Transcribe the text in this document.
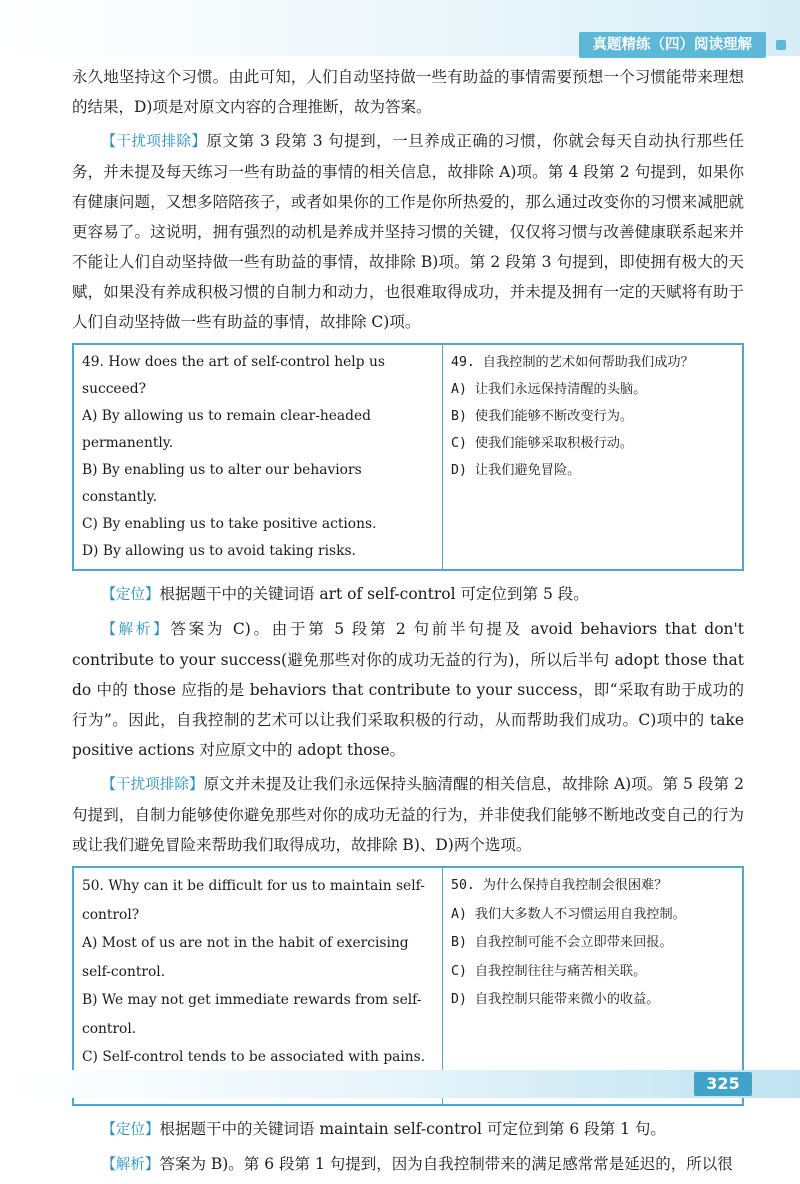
真题精练（四）阅读理解

永久地坚持这个习惯。由此可知，人们自动坚持做一些有助益的事情需要预想一个习惯能带来理想的结果，D)项是对原文内容的合理推断，故为答案。

【干扰项排除】原文第 3 段第 3 句提到，一旦养成正确的习惯，你就会每天自动执行那些任务，并未提及每天练习一些有助益的事情的相关信息，故排除 A)项。第 4 段第 2 句提到，如果你有健康问题，又想多陪陪孩子，或者如果你的工作是你所热爱的，那么通过改变你的习惯来减肥就更容易了。这说明，拥有强烈的动机是养成并坚持习惯的关键，仅仅将习惯与改善健康联系起来并不能让人们自动坚持做一些有助益的事情，故排除 B)项。第 2 段第 3 句提到，即使拥有极大的天赋，如果没有养成积极习惯的自制力和动力，也很难取得成功，并未提及拥有一定的天赋将有助于人们自动坚持做一些有助益的事情，故排除 C)项。

49. How does the art of self-control help us succeed?
A) By allowing us to remain clear-headed permanently.
B) By enabling us to alter our behaviors constantly.
C) By enabling us to take positive actions.
D) By allowing us to avoid taking risks.

49. 自我控制的艺术如何帮助我们成功？
A) 让我们永远保持清醒的头脑。
B) 使我们能够不断改变行为。
C) 使我们能够采取积极行动。
D) 让我们避免冒险。

【定位】根据题干中的关键词语 art of self-control 可定位到第 5 段。

【解析】答案为 C)。由于第 5 段第 2 句前半句提及 avoid behaviors that don't contribute to your success(避免那些对你的成功无益的行为)，所以后半句 adopt those that do 中的 those 应指的是 behaviors that contribute to your success，即“采取有助于成功的行为”。因此，自我控制的艺术可以让我们采取积极的行动，从而帮助我们成功。C)项中的 take positive actions 对应原文中的 adopt those。

【干扰项排除】原文并未提及让我们永远保持头脑清醒的相关信息，故排除 A)项。第 5 段第 2 句提到，自制力能够使你避免那些对你的成功无益的行为，并非使我们能够不断地改变自己的行为或让我们避免冒险来帮助我们取得成功，故排除 B)、D)两个选项。

50. Why can it be difficult for us to maintain self-control?
A) Most of us are not in the habit of exercising self-control.
B) We may not get immediate rewards from self-control.
C) Self-control tends to be associated with pains.

50. 为什么保持自我控制会很困难？
A) 我们大多数人不习惯运用自我控制。
B) 自我控制可能不会立即带来回报。
C) 自我控制往往与痛苦相关联。
D) 自我控制只能带来微小的收益。

【定位】根据题干中的关键词语 maintain self-control 可定位到第 6 段第 1 句。

【解析】答案为 B)。第 6 段第 1 句提到，因为自我控制带来的满足感常常是延迟的，所以很

325
